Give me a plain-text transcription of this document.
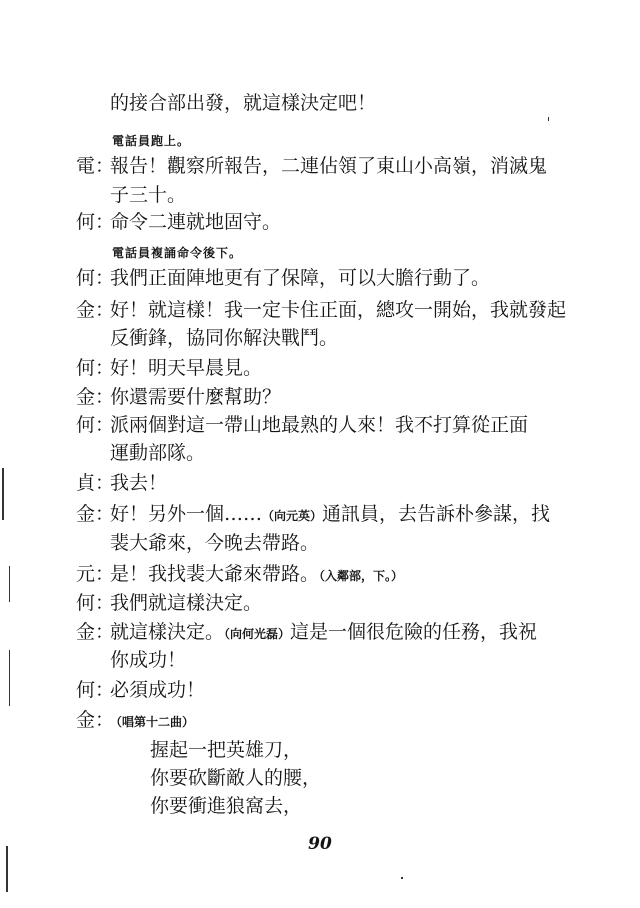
的接合部出發，就這樣決定吧！
電話員跑上。
電：
報告！觀察所報告，二連佔領了東山小高嶺，消滅鬼
子三十。
何：
命令二連就地固守。
電話員複誦命令後下。
何：
我們正面陣地更有了保障，可以大膽行動了。
金：
好！就這樣！我一定卡住正面，總攻一開始，我就發起
反衝鋒，協同你解決戰鬥。
何：
好！明天早晨見。
金：
你還需要什麼幫助？
何：
派兩個對這一帶山地最熟的人來！我不打算從正面
運動部隊。
貞：
我去！
金：
好！另外一個……（向元英）通訊員，去告訴朴參謀，找
裴大爺來，今晚去帶路。
元：
是！我找裴大爺來帶路。（入鄰部，下。）
何：
我們就這樣決定。
金：
就這樣決定。（向何光磊）這是一個很危險的任務，我祝
你成功！
何：
必須成功！
金：
（唱第十二曲）
握起一把英雄刀，
你要砍斷敵人的腰，
你要衝進狼窩去，
90
